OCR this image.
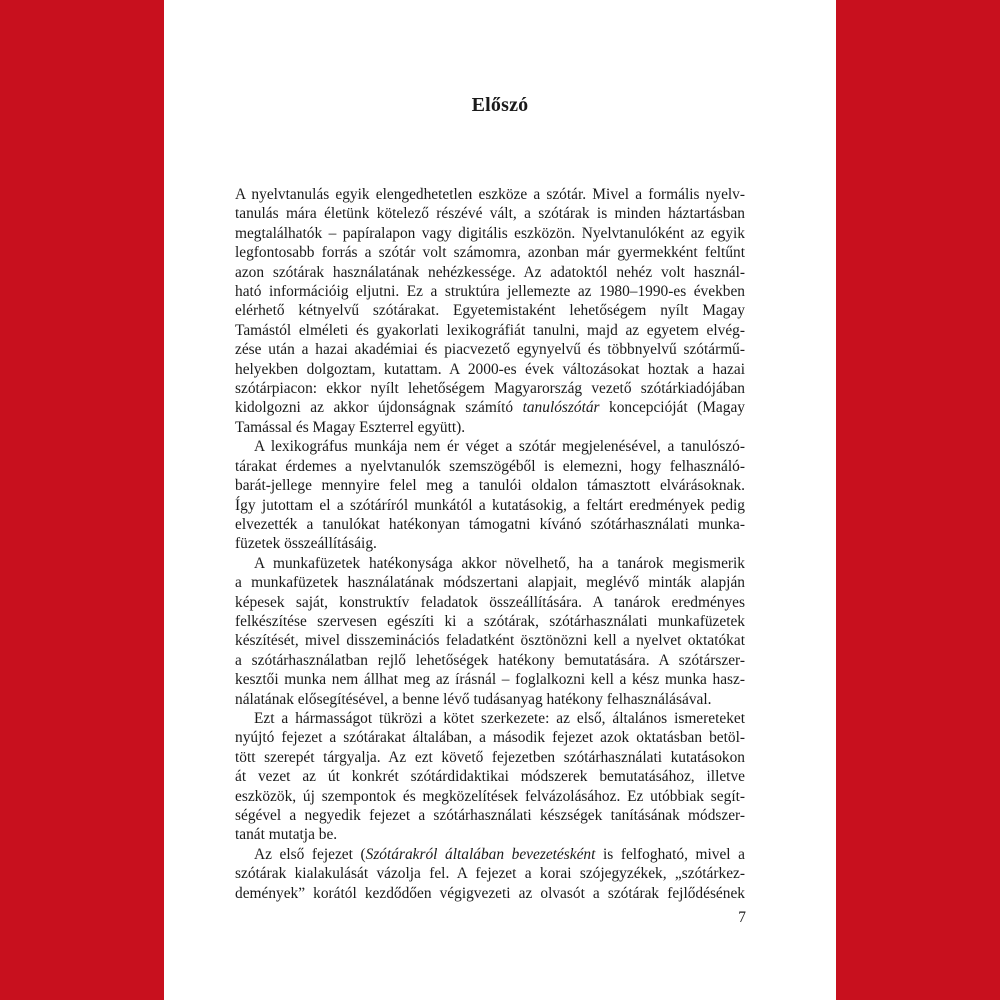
Előszó
A nyelvtanulás egyik elengedhetetlen eszköze a szótár. Mivel a formális nyelv-
tanulás mára életünk kötelező részévé vált, a szótárak is minden háztartásban
megtalálhatók – papíralapon vagy digitális eszközön. Nyelvtanulóként az egyik
legfontosabb forrás a szótár volt számomra, azonban már gyermekként feltűnt
azon szótárak használatának nehézkessége. Az adatoktól nehéz volt használ-
ható információig eljutni. Ez a struktúra jellemezte az 1980–1990-es években
elérhető kétnyelvű szótárakat. Egyetemistaként lehetőségem nyílt Magay
Tamástól elméleti és gyakorlati lexikográfiát tanulni, majd az egyetem elvég-
zése után a hazai akadémiai és piacvezető egynyelvű és többnyelvű szótármű-
helyekben dolgoztam, kutattam. A 2000-es évek változásokat hoztak a hazai
szótárpiacon: ekkor nyílt lehetőségem Magyarország vezető szótárkiadójában
kidolgozni az akkor újdonságnak számító tanulószótár koncepcióját (Magay
Tamással és Magay Eszterrel együtt).
A lexikográfus munkája nem ér véget a szótár megjelenésével, a tanulószó-
tárakat érdemes a nyelvtanulók szemszögéből is elemezni, hogy felhasználó-
barát-jellege mennyire felel meg a tanulói oldalon támasztott elvárásoknak.
Így jutottam el a szótáríról munkától a kutatásokig, a feltárt eredmények pedig
elvezették a tanulókat hatékonyan támogatni kívánó szótárhasználati munka-
füzetek összeállításáig.
A munkafüzetek hatékonysága akkor növelhető, ha a tanárok megismerik
a munkafüzetek használatának módszertani alapjait, meglévő minták alapján
képesek saját, konstruktív feladatok összeállítására. A tanárok eredményes
felkészítése szervesen egészíti ki a szótárak, szótárhasználati munkafüzetek
készítését, mivel disszeminációs feladatként ösztönözni kell a nyelvet oktatókat
a szótárhasználatban rejlő lehetőségek hatékony bemutatására. A szótárszer-
kesztői munka nem állhat meg az írásnál – foglalkozni kell a kész munka hasz-
nálatának elősegítésével, a benne lévő tudásanyag hatékony felhasználásával.
Ezt a hármasságot tükrözi a kötet szerkezete: az első, általános ismereteket
nyújtó fejezet a szótárakat általában, a második fejezet azok oktatásban betöl-
tött szerepét tárgyalja. Az ezt követő fejezetben szótárhasználati kutatásokon
át vezet az út konkrét szótárdidaktikai módszerek bemutatásához, illetve
eszközök, új szempontok és megközelítések felvázolásához. Ez utóbbiak segít-
ségével a negyedik fejezet a szótárhasználati készségek tanításának módszer-
tanát mutatja be.
Az első fejezet (Szótárakról általában bevezetésként is felfogható, mivel a
szótárak kialakulását vázolja fel. A fejezet a korai szójegyzékek, „szótárkez-
demények” korától kezdődően végigvezeti az olvasót a szótárak fejlődésének
7
